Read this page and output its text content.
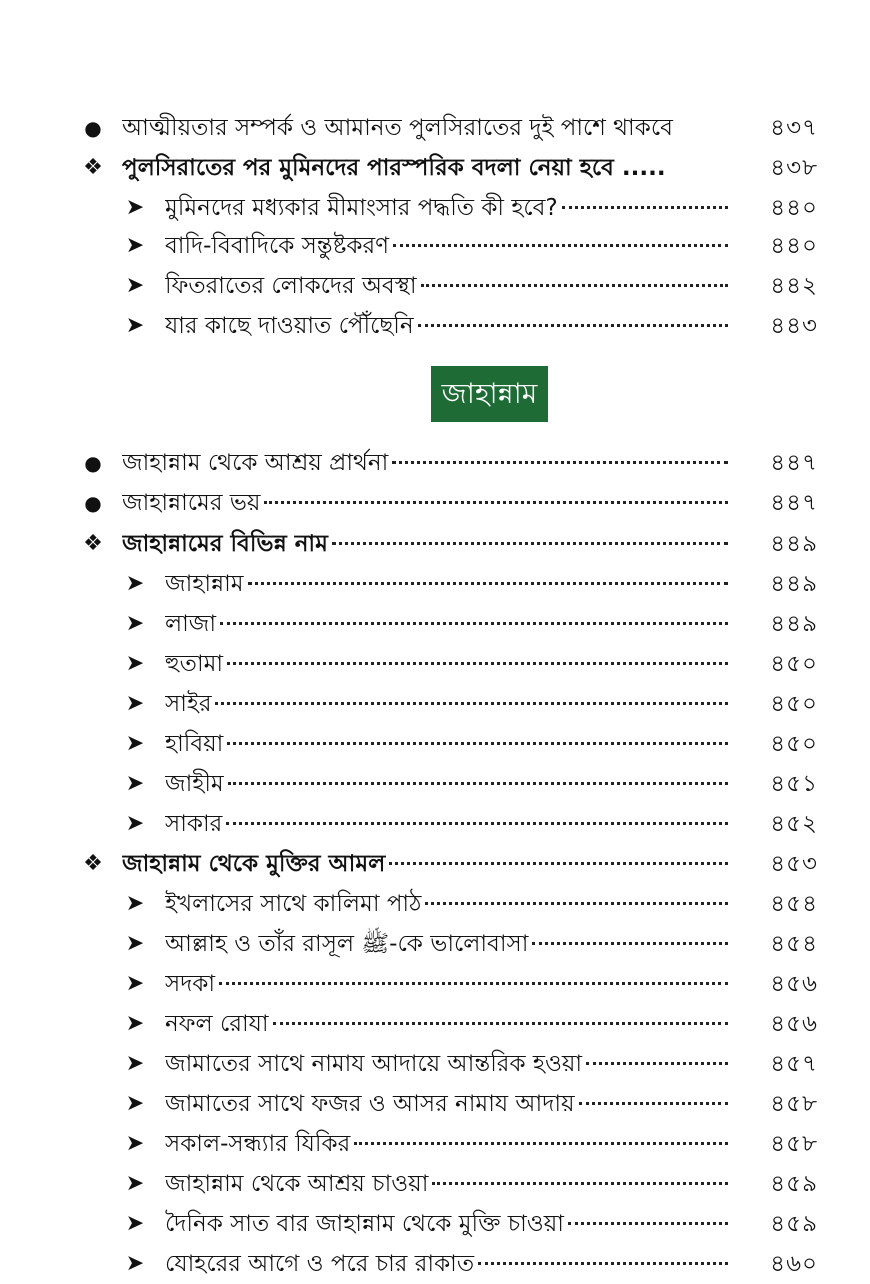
● আত্মীয়তার সম্পর্ক ও আমানত পুলসিরাতের দুই পাশে থাকবে	৪৩৭
❖ পুলসিরাতের পর মুমিনদের পারস্পরিক বদলা নেয়া হবে .....	৪৩৮
➤ মুমিনদের মধ্যকার মীমাংসার পদ্ধতি কী হবে?	৪৪০
➤ বাদি-বিবাদিকে সন্তুষ্টকরণ	৪৪০
➤ ফিতরাতের লোকদের অবস্থা	৪৪২
➤ যার কাছে দাওয়াত পৌঁছেনি	৪৪৩
● জাহান্নাম থেকে আশ্রয় প্রার্থনা	৪৪৭
● জাহান্নামের ভয়	৪৪৭
❖ জাহান্নামের বিভিন্ন নাম	৪৪৯
➤ জাহান্নাম	৪৪৯
➤ লাজা	৪৪৯
➤ হুতামা	৪৫০
➤ সাইর	৪৫০
➤ হাবিয়া	৪৫০
➤ জাহীম	৪৫১
➤ সাকার	৪৫২
❖ জাহান্নাম থেকে মুক্তির আমল	৪৫৩
➤ ইখলাসের সাথে কালিমা পাঠ	৪৫৪
➤ আল্লাহ ও তাঁর রাসূল ﷺ-কে ভালোবাসা	৪৫৪
➤ সদকা	৪৫৬
➤ নফল রোযা	৪৫৬
➤ জামাতের সাথে নামায আদায়ে আন্তরিক হওয়া	৪৫৭
➤ জামাতের সাথে ফজর ও আসর নামায আদায়	৪৫৮
➤ সকাল-সন্ধ্যার যিকির	৪৫৮
➤ জাহান্নাম থেকে আশ্রয় চাওয়া	৪৫৯
➤ দৈনিক সাত বার জাহান্নাম থেকে মুক্তি চাওয়া	৪৫৯
➤ যোহরের আগে ও পরে চার রাকাত	৪৬০
জাহান্নাম
